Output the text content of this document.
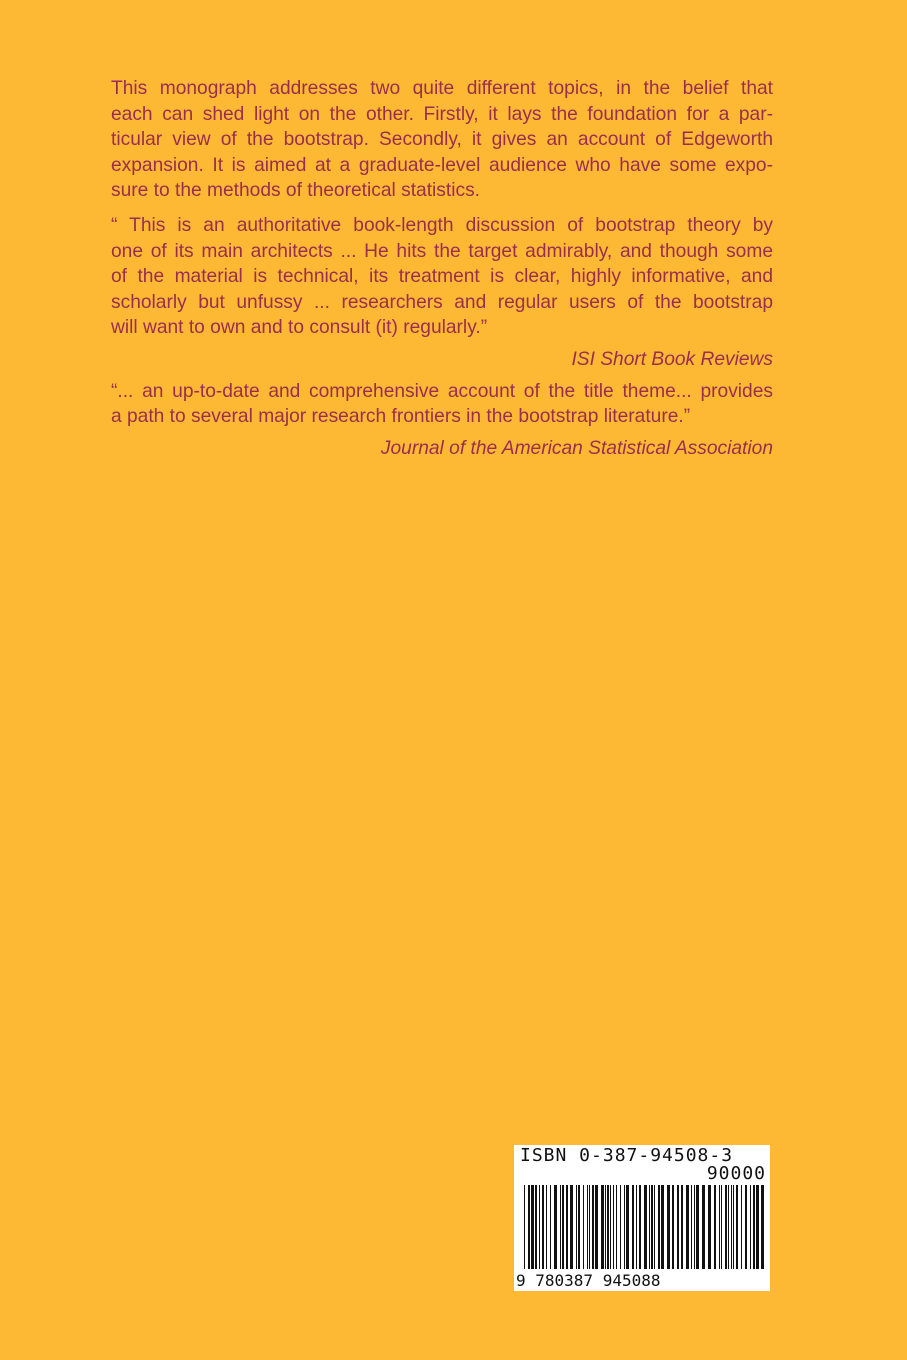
This monograph addresses two quite different topics, in the belief that
each can shed light on the other. Firstly, it lays the foundation for a par-
ticular view of the bootstrap. Secondly, it gives an account of Edgeworth
expansion. It is aimed at a graduate-level audience who have some expo-
sure to the methods of theoretical statistics.
“ This is an authoritative book-length discussion of bootstrap theory by
one of its main architects ... He hits the target admirably, and though some
of the material is technical, its treatment is clear, highly informative, and
scholarly but unfussy ... researchers and regular users of the bootstrap
will want to own and to consult (it) regularly.”

ISI Short Book Reviews

“... an up-to-date and comprehensive account of the title theme... provides
a path to several major research frontiers in the bootstrap literature.”

Journal of the American Statistical Association

ISBN 0-387-94508-3
90000
9 780387 945088
